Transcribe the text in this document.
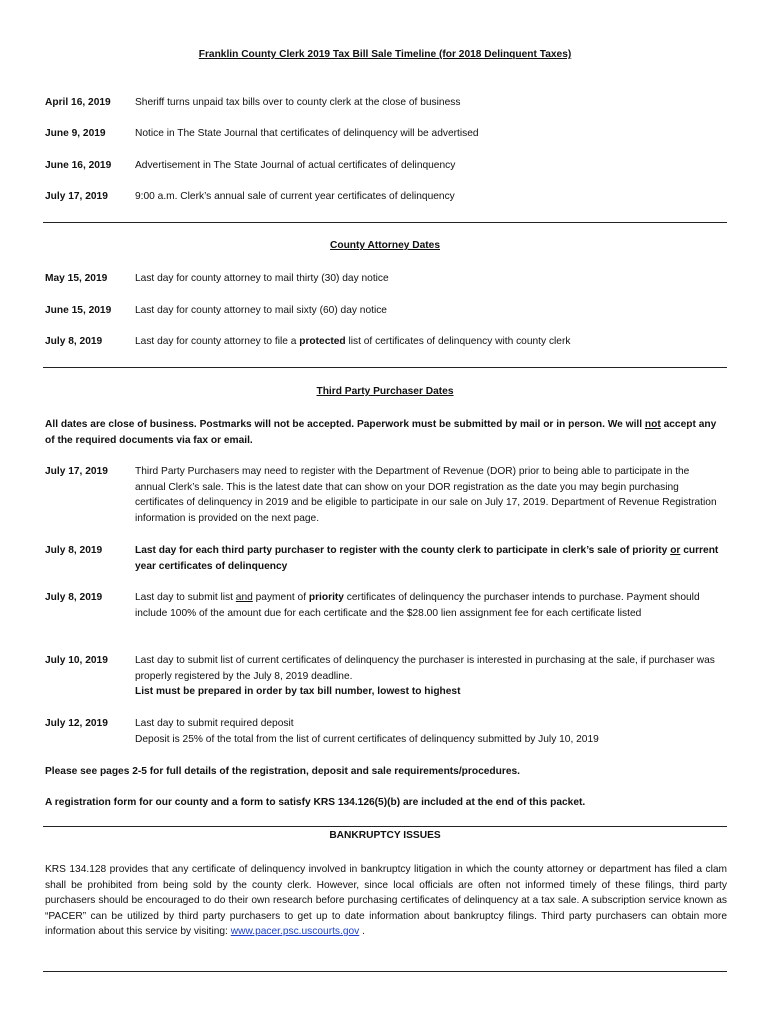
Franklin County Clerk 2019 Tax Bill Sale Timeline (for 2018 Delinquent Taxes)
April 16, 2019	Sheriff turns unpaid tax bills over to county clerk at the close of business
June 9, 2019	Notice in The State Journal that certificates of delinquency will be advertised
June 16, 2019	Advertisement in The State Journal of actual certificates of delinquency
July 17, 2019	9:00 a.m. Clerk’s annual sale of current year certificates of delinquency
County Attorney Dates
May 15, 2019	Last day for county attorney to mail thirty (30) day notice
June 15, 2019	Last day for county attorney to mail sixty (60) day notice
July 8, 2019	Last day for county attorney to file a protected list of certificates of delinquency with county clerk
Third Party Purchaser Dates
All dates are close of business. Postmarks will not be accepted. Paperwork must be submitted by mail or in person. We will not accept any of the required documents via fax or email.
July 17, 2019	Third Party Purchasers may need to register with the Department of Revenue (DOR) prior to being able to participate in the annual Clerk’s sale. This is the latest date that can show on your DOR registration as the date you may begin purchasing certificates of delinquency in 2019 and be eligible to participate in our sale on July 17, 2019. Department of Revenue Registration information is provided on the next page.
July 8, 2019	Last day for each third party purchaser to register with the county clerk to participate in clerk’s sale of priority or current year certificates of delinquency
July 8, 2019	Last day to submit list and payment of priority certificates of delinquency the purchaser intends to purchase. Payment should include 100% of the amount due for each certificate and the $28.00 lien assignment fee for each certificate listed
July 10, 2019	Last day to submit list of current certificates of delinquency the purchaser is interested in purchasing at the sale, if purchaser was properly registered by the July 8, 2019 deadline.
List must be prepared in order by tax bill number, lowest to highest
July 12, 2019	Last day to submit required deposit
Deposit is 25% of the total from the list of current certificates of delinquency submitted by July 10, 2019
Please see pages 2-5 for full details of the registration, deposit and sale requirements/procedures.
A registration form for our county and a form to satisfy KRS 134.126(5)(b) are included at the end of this packet.
BANKRUPTCY ISSUES
KRS 134.128 provides that any certificate of delinquency involved in bankruptcy litigation in which the county attorney or department has filed a clam shall be prohibited from being sold by the county clerk. However, since local officials are often not informed timely of these filings, third party purchasers should be encouraged to do their own research before purchasing certificates of delinquency at a tax sale. A subscription service known as “PACER” can be utilized by third party purchasers to get up to date information about bankruptcy filings. Third party purchasers can obtain more information about this service by visiting: www.pacer.psc.uscourts.gov .
